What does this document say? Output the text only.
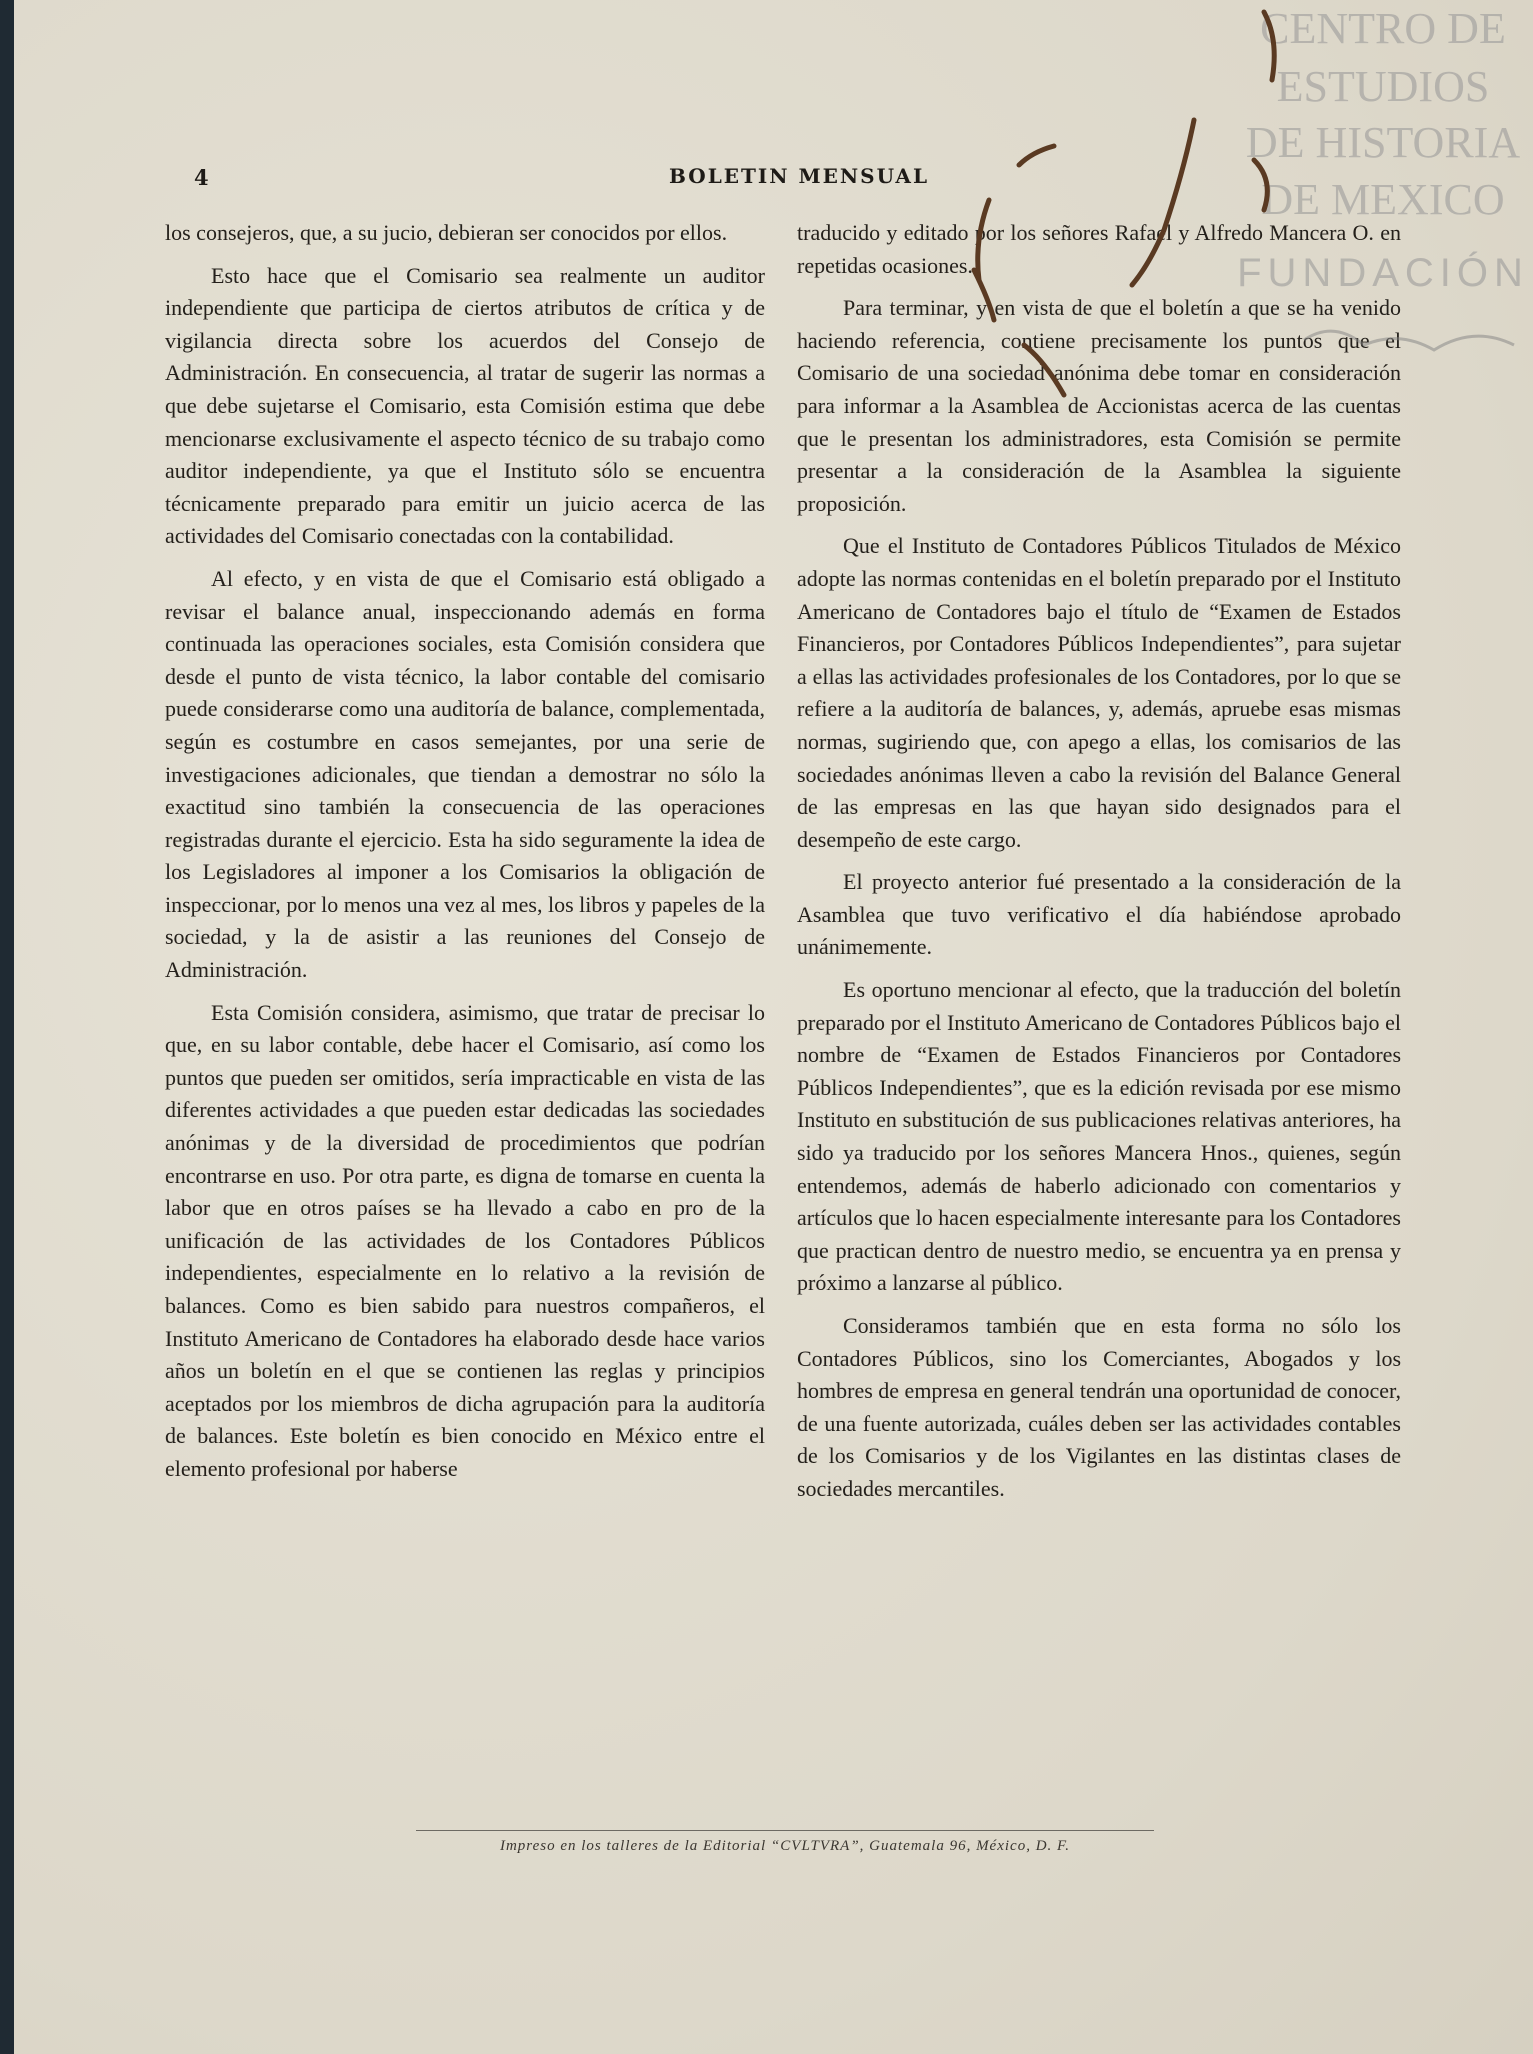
4	BOLETIN MENSUAL

los consejeros, que, a su jucio, debieran ser conocidos por ellos.

Esto hace que el Comisario sea realmente un auditor independiente que participa de ciertos atributos de crítica y de vigilancia directa sobre los acuerdos del Consejo de Administración. En consecuencia, al tratar de sugerir las normas a que debe sujetarse el Comisario, esta Comisión estima que debe mencionarse exclusivamente el aspecto técnico de su trabajo como auditor independiente, ya que el Instituto sólo se encuentra técnicamente preparado para emitir un juicio acerca de las actividades del Comisario conectadas con la contabilidad.

Al efecto, y en vista de que el Comisario está obligado a revisar el balance anual, inspeccionando además en forma continuada las operaciones sociales, esta Comisión considera que desde el punto de vista técnico, la labor contable del comisario puede considerarse como una auditoría de balance, complementada, según es costumbre en casos semejantes, por una serie de investigaciones adicionales, que tiendan a demostrar no sólo la exactitud sino también la consecuencia de las operaciones registradas durante el ejercicio. Esta ha sido seguramente la idea de los Legisladores al imponer a los Comisarios la obligación de inspeccionar, por lo menos una vez al mes, los libros y papeles de la sociedad, y la de asistir a las reuniones del Consejo de Administración.

Esta Comisión considera, asimismo, que tratar de precisar lo que, en su labor contable, debe hacer el Comisario, así como los puntos que pueden ser omitidos, sería impracticable en vista de las diferentes actividades a que pueden estar dedicadas las sociedades anónimas y de la diversidad de procedimientos que podrían encontrarse en uso. Por otra parte, es digna de tomarse en cuenta la labor que en otros países se ha llevado a cabo en pro de la unificación de las actividades de los Contadores Públicos independientes, especialmente en lo relativo a la revisión de balances. Como es bien sabido para nuestros compañeros, el Instituto Americano de Contadores ha elaborado desde hace varios años un boletín en el que se contienen las reglas y principios aceptados por los miembros de dicha agrupación para la auditoría de balances. Este boletín es bien conocido en México entre el elemento profesional por haberse

traducido y editado por los señores Rafael y Alfredo Mancera O. en repetidas ocasiones.

Para terminar, y en vista de que el boletín a que se ha venido haciendo referencia, contiene precisamente los puntos que el Comisario de una sociedad anónima debe tomar en consideración para informar a la Asamblea de Accionistas acerca de las cuentas que le presentan los administradores, esta Comisión se permite presentar a la consideración de la Asamblea la siguiente proposición.

Que el Instituto de Contadores Públicos Titulados de México adopte las normas contenidas en el boletín preparado por el Instituto Americano de Contadores bajo el título de “Examen de Estados Financieros, por Contadores Públicos Independientes”, para sujetar a ellas las actividades profesionales de los Contadores, por lo que se refiere a la auditoría de balances, y, además, apruebe esas mismas normas, sugiriendo que, con apego a ellas, los comisarios de las sociedades anónimas lleven a cabo la revisión del Balance General de las empresas en las que hayan sido designados para el desempeño de este cargo.

El proyecto anterior fué presentado a la consideración de la Asamblea que tuvo verificativo el día habiéndose aprobado unánimemente.

Es oportuno mencionar al efecto, que la traducción del boletín preparado por el Instituto Americano de Contadores Públicos bajo el nombre de “Examen de Estados Financieros por Contadores Públicos Independientes”, que es la edición revisada por ese mismo Instituto en substitución de sus publicaciones relativas anteriores, ha sido ya traducido por los señores Mancera Hnos., quienes, según entendemos, además de haberlo adicionado con comentarios y artículos que lo hacen especialmente interesante para los Contadores que practican dentro de nuestro medio, se encuentra ya en prensa y próximo a lanzarse al público.

Consideramos también que en esta forma no sólo los Contadores Públicos, sino los Comerciantes, Abogados y los hombres de empresa en general tendrán una oportunidad de conocer, de una fuente autorizada, cuáles deben ser las actividades contables de los Comisarios y de los Vigilantes en las distintas clases de sociedades mercantiles.

Impreso en los talleres de la Editorial “CVLTVRA”, Guatemala 96, México, D. F.
CENTRO DE
ESTUDIOS
DE HISTORIA
DE MEXICO
FUNDACIÓN
